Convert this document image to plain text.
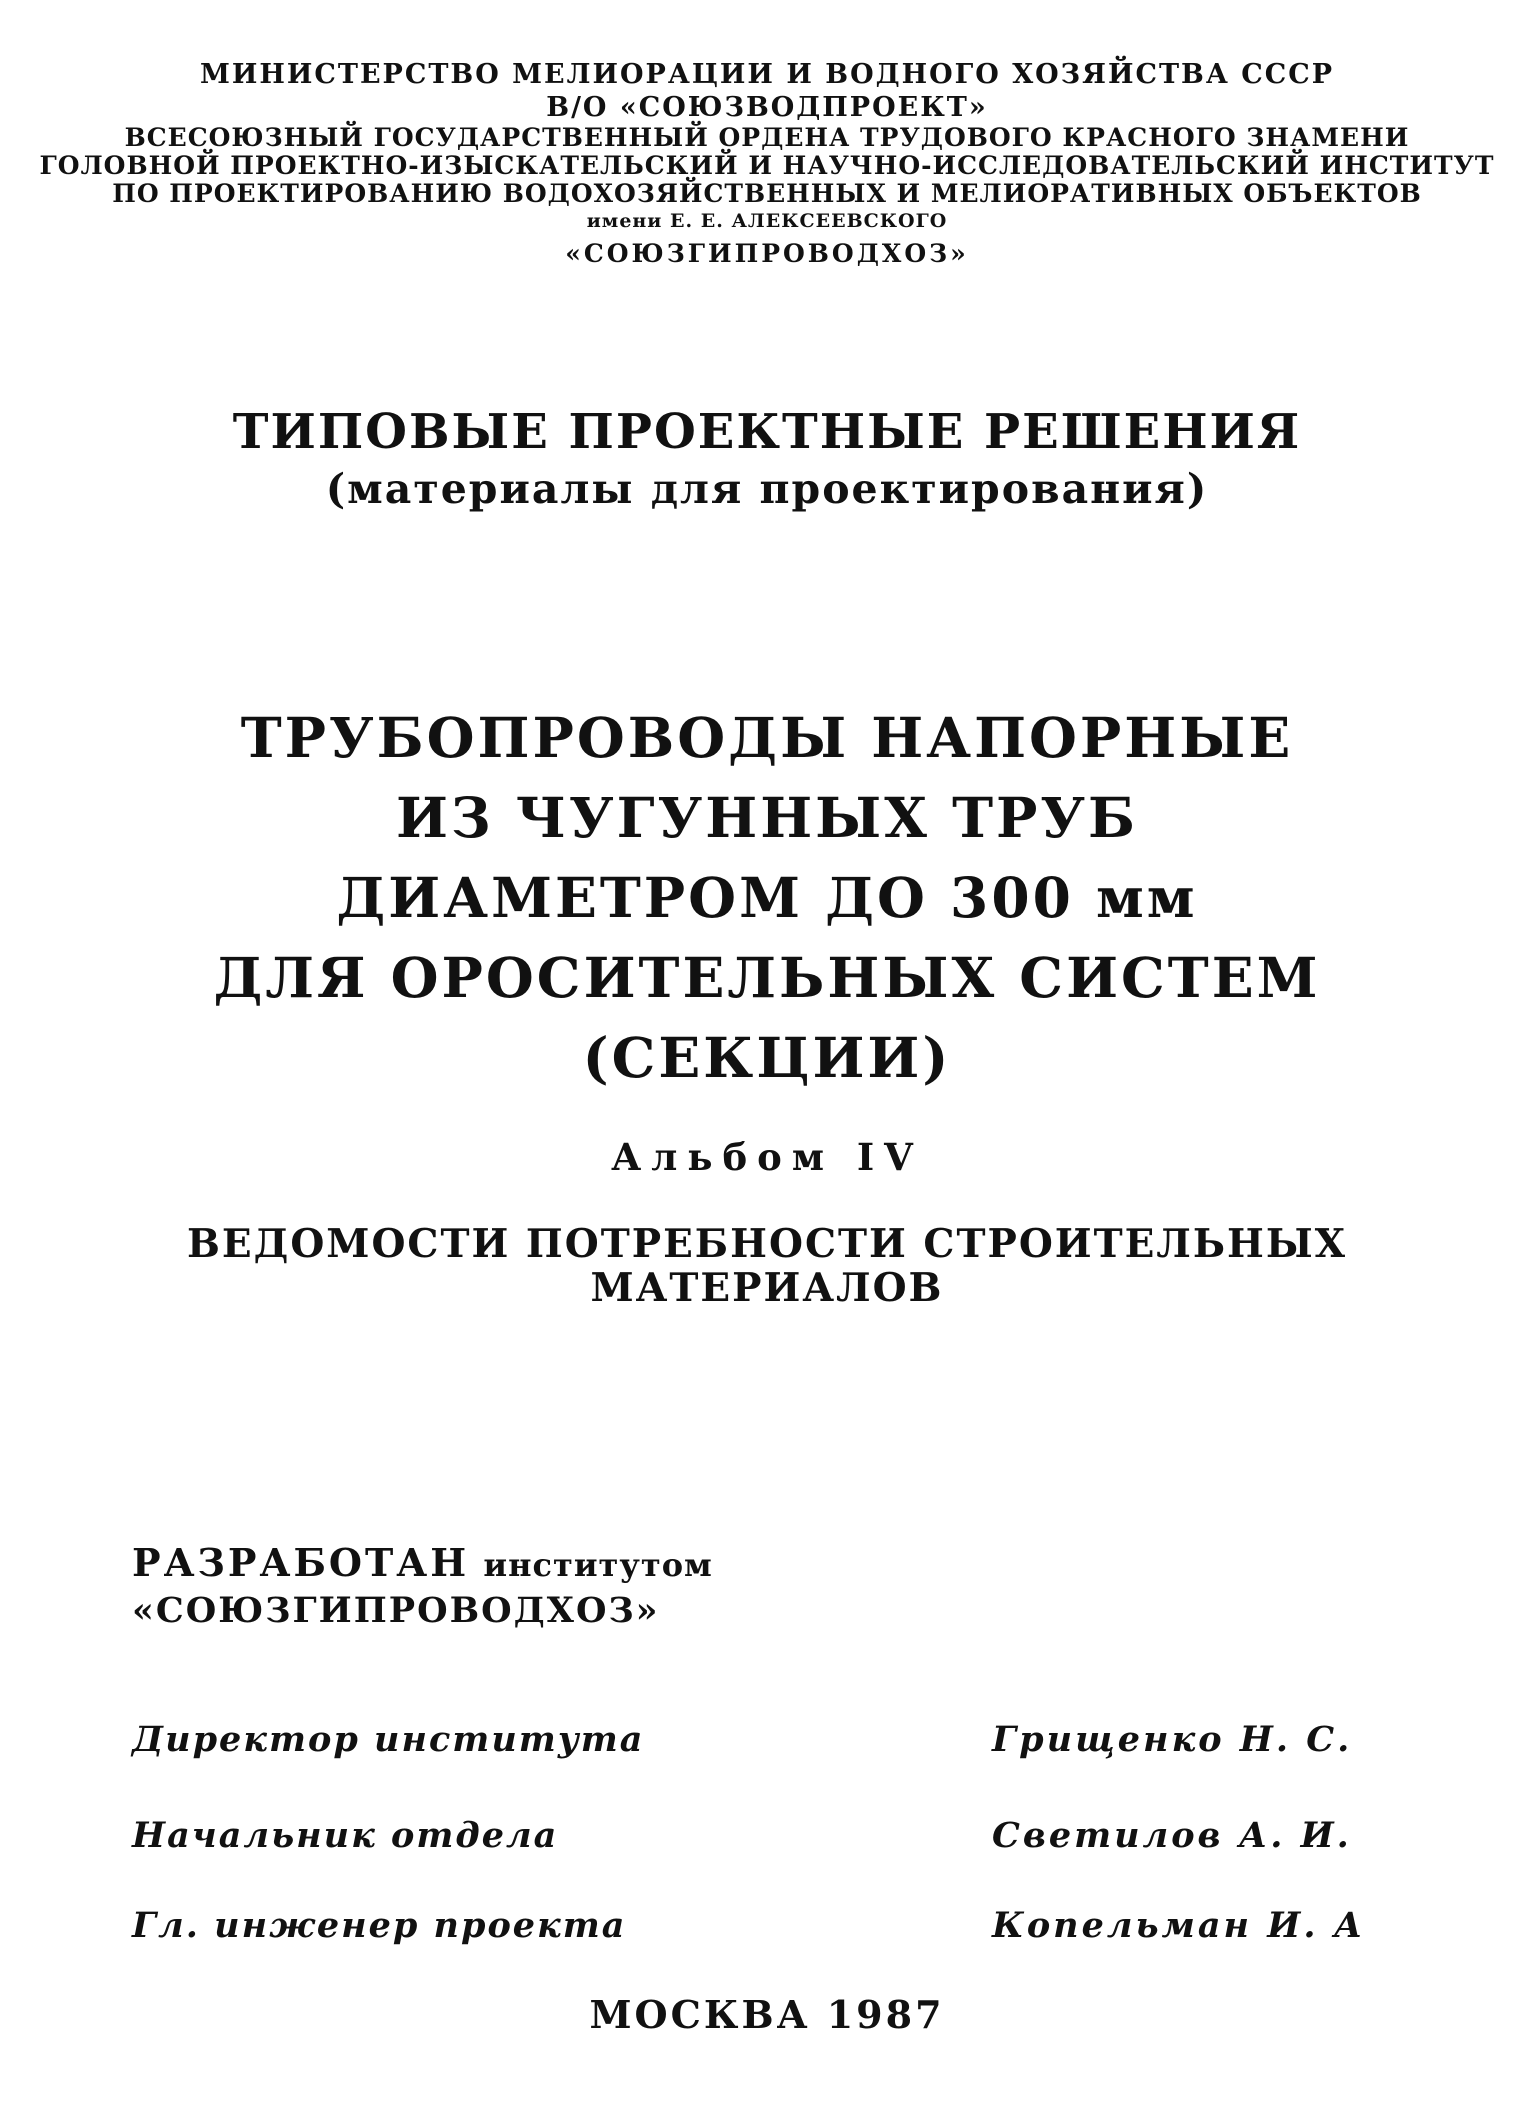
МИНИСТЕРСТВО МЕЛИОРАЦИИ И ВОДНОГО ХОЗЯЙСТВА СССР
В/О «СОЮЗВОДПРОЕКТ»
ВСЕСОЮЗНЫЙ ГОСУДАРСТВЕННЫЙ ОРДЕНА ТРУДОВОГО КРАСНОГО ЗНАМЕНИ
ГОЛОВНОЙ ПРОЕКТНО-ИЗЫСКАТЕЛЬСКИЙ И НАУЧНО-ИССЛЕДОВАТЕЛЬСКИЙ ИНСТИТУТ
ПО ПРОЕКТИРОВАНИЮ ВОДОХОЗЯЙСТВЕННЫХ И МЕЛИОРАТИВНЫХ ОБЪЕКТОВ
имени Е. Е. АЛЕКСЕЕВСКОГО
«СОЮЗГИПРОВОДХОЗ»
ТИПОВЫЕ ПРОЕКТНЫЕ РЕШЕНИЯ
(материалы для проектирования)
ТРУБОПРОВОДЫ НАПОРНЫЕ
ИЗ ЧУГУННЫХ ТРУБ
ДИАМЕТРОМ ДО 300 мм
ДЛЯ ОРОСИТЕЛЬНЫХ СИСТЕМ
(СЕКЦИИ)
Альбом IV
ВЕДОМОСТИ ПОТРЕБНОСТИ СТРОИТЕЛЬНЫХ
МАТЕРИАЛОВ
РАЗРАБОТАН институтом
«СОЮЗГИПРОВОДХОЗ»
Директор института	Грищенко Н. С.
Начальник отдела	Светилов А. И.
Гл. инженер проекта	Копельман И. А
МОСКВА 1987
